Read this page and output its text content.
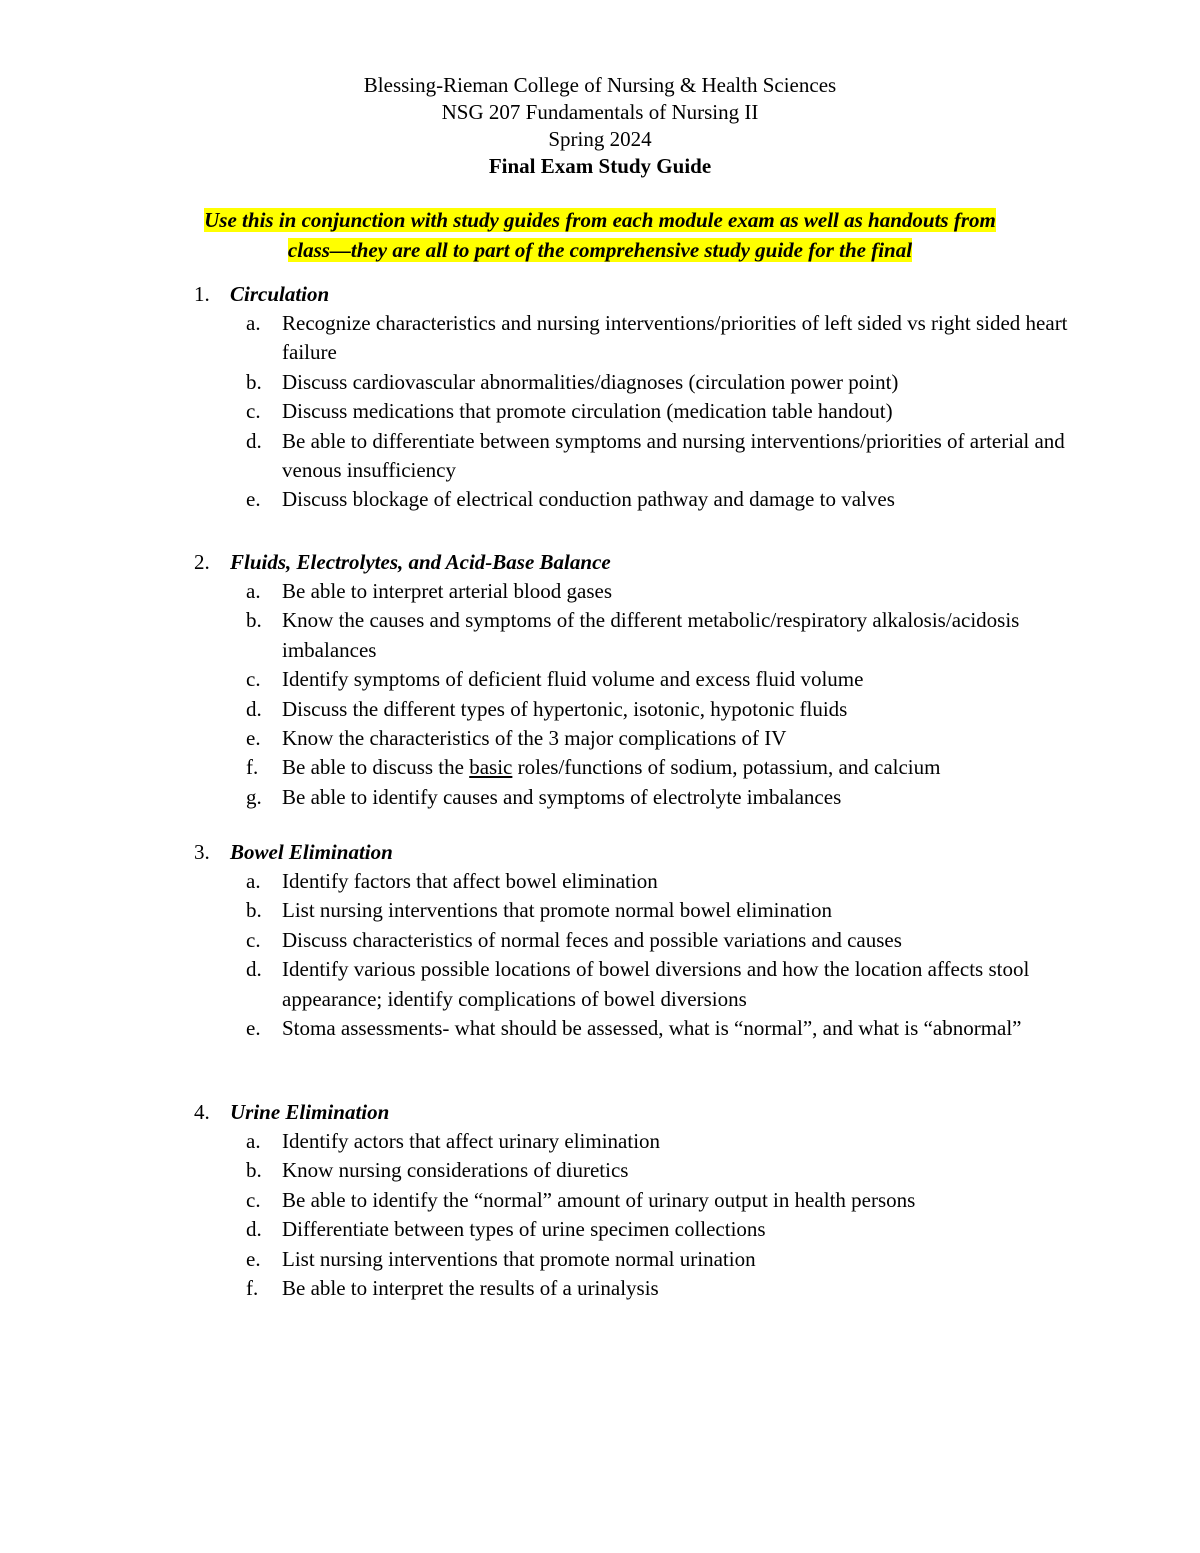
Blessing-Rieman College of Nursing & Health Sciences
NSG 207 Fundamentals of Nursing II
Spring 2024
Final Exam Study Guide
Use this in conjunction with study guides from each module exam as well as handouts from
class—they are all to part of the comprehensive study guide for the final
1. Circulation
a. Recognize characteristics and nursing interventions/priorities of left sided vs right sided heart failure
b. Discuss cardiovascular abnormalities/diagnoses (circulation power point)
c. Discuss medications that promote circulation (medication table handout)
d. Be able to differentiate between symptoms and nursing interventions/priorities of arterial and venous insufficiency
e. Discuss blockage of electrical conduction pathway and damage to valves
2. Fluids, Electrolytes, and Acid-Base Balance
a. Be able to interpret arterial blood gases
b. Know the causes and symptoms of the different metabolic/respiratory alkalosis/acidosis imbalances
c. Identify symptoms of deficient fluid volume and excess fluid volume
d. Discuss the different types of hypertonic, isotonic, hypotonic fluids
e. Know the characteristics of the 3 major complications of IV
f. Be able to discuss the basic roles/functions of sodium, potassium, and calcium
g. Be able to identify causes and symptoms of electrolyte imbalances
3. Bowel Elimination
a. Identify factors that affect bowel elimination
b. List nursing interventions that promote normal bowel elimination
c. Discuss characteristics of normal feces and possible variations and causes
d. Identify various possible locations of bowel diversions and how the location affects stool appearance; identify complications of bowel diversions
e. Stoma assessments- what should be assessed, what is “normal”, and what is “abnormal”
4. Urine Elimination
a. Identify actors that affect urinary elimination
b. Know nursing considerations of diuretics
c. Be able to identify the “normal” amount of urinary output in health persons
d. Differentiate between types of urine specimen collections
e. List nursing interventions that promote normal urination
f. Be able to interpret the results of a urinalysis
